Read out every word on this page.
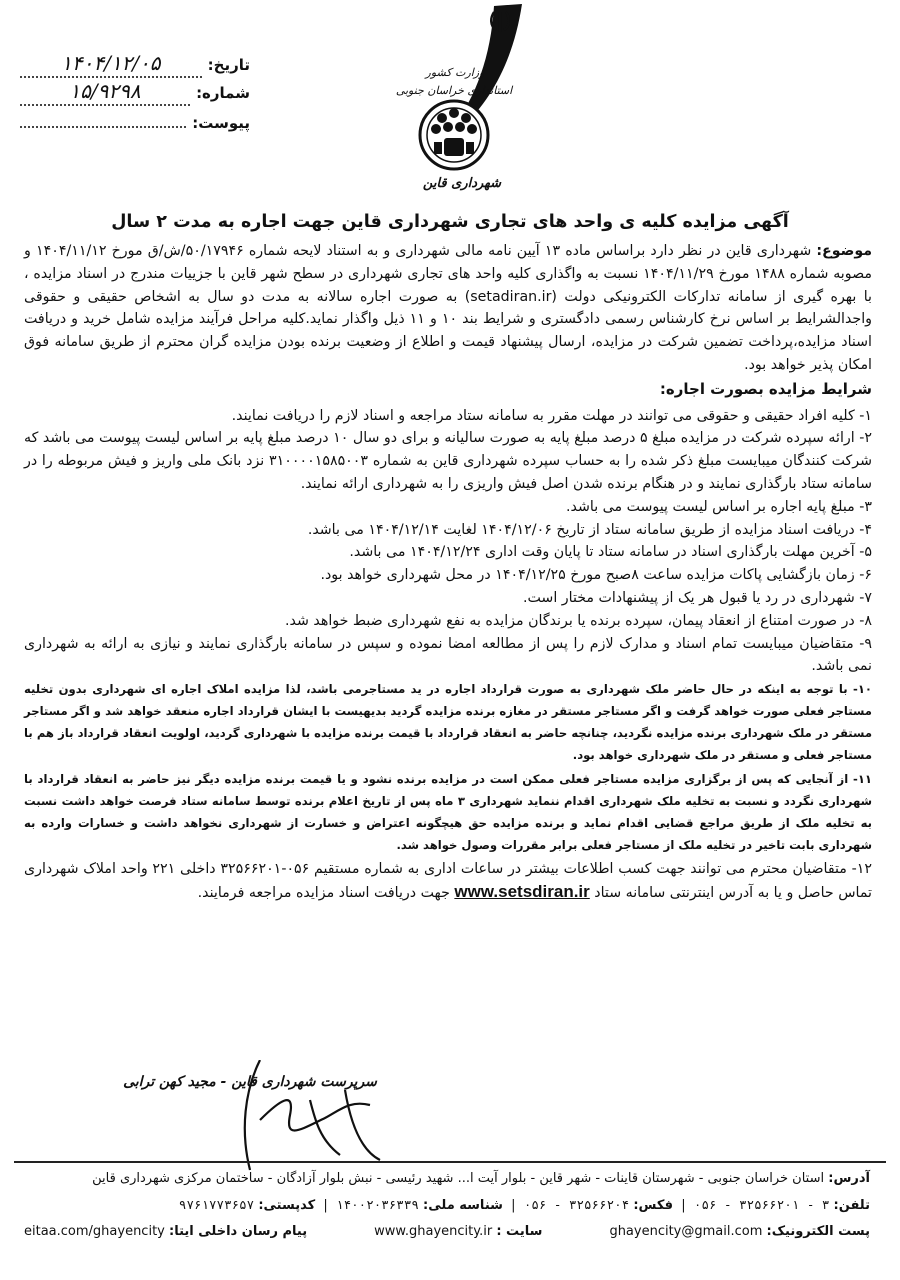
تاریخ:
۱۴۰۴/۱۲/۰۵
شماره:
۱۵/۹۲۹۸
پیوست:
وزارت کشور
استانداری خراسان جنوبی
شهرداری قاین
آگهی مزایده کلیه ی واحد های تجاری شهرداری قاین جهت اجاره به مدت ۲ سال

موضوع: شهرداری قاین در نظر دارد براساس ماده ۱۳ آیین نامه مالی شهرداری و به استناد لایحه شماره ۵۰/۱۷۹۴۶/ش/ق مورخ ۱۴۰۴/۱۱/۱۲ و مصوبه شماره ۱۴۸۸ مورخ ۱۴۰۴/۱۱/۲۹ نسبت به واگذاری کلیه واحد های تجاری شهرداری در سطح شهر قاین با جزییات مندرج در اسناد مزایده ، با بهره گیری از سامانه تدارکات الکترونیکی دولت (setadiran.ir) به صورت اجاره سالانه به مدت دو سال به اشخاص حقیقی و حقوقی واجدالشرایط بر اساس نرخ کارشناس رسمی دادگستری و شرایط بند ۱۰ و ۱۱ ذیل واگذار نماید.کلیه مراحل فرآیند مزایده شامل خرید و دریافت اسناد مزایده،پرداخت تضمین شرکت در مزایده، ارسال پیشنهاد قیمت و اطلاع از وضعیت برنده بودن مزایده گران محترم از طریق سامانه فوق امکان پذیر خواهد بود.

شرایط مزایده بصورت اجاره:

۱- کلیه افراد حقیقی و حقوقی می توانند در مهلت مقرر به سامانه ستاد مراجعه و اسناد لازم را دریافت نمایند.

۲- ارائه سپرده شرکت در مزایده مبلغ ۵ درصد مبلغ پایه به صورت سالیانه و برای دو سال ۱۰ درصد مبلغ پایه بر اساس لیست پیوست می باشد که شرکت کنندگان میبایست مبلغ ذکر شده را به حساب سپرده شهرداری قاین به شماره ۳۱۰۰۰۰۱۵۸۵۰۰۳ نزد بانک ملی واریز و فیش مربوطه را در سامانه ستاد بارگذاری نمایند و در هنگام برنده شدن اصل فیش واریزی را به شهرداری ارائه نمایند.

۳- مبلغ پایه اجاره بر اساس لیست پیوست می باشد.

۴- دریافت اسناد مزایده از طریق سامانه ستاد از تاریخ ۱۴۰۴/۱۲/۰۶ لغایت ۱۴۰۴/۱۲/۱۴ می باشد.

۵- آخرین مهلت بارگذاری اسناد در سامانه ستاد تا پایان وقت اداری ۱۴۰۴/۱۲/۲۴ می باشد.

۶- زمان بازگشایی پاکات مزایده ساعت ۸صبح مورخ ۱۴۰۴/۱۲/۲۵ در محل شهرداری خواهد بود.

۷- شهرداری در رد یا قبول هر یک از پیشنهادات مختار است.

۸- در صورت امتناع از انعقاد پیمان، سپرده برنده یا برندگان مزایده به نفع شهرداری ضبط خواهد شد.

۹- متقاضیان میبایست تمام اسناد و مدارک لازم را پس از مطالعه امضا نموده و سپس در سامانه بارگذاری نمایند و نیازی به ارائه به شهرداری نمی باشد.

۱۰- با توجه به اینکه در حال حاضر ملک شهرداری به صورت قرارداد اجاره در ید مستاجرمی باشد، لذا مزایده املاک اجاره ای شهرداری بدون تخلیه مستاجر فعلی صورت خواهد گرفت و اگر مستاجر مستقر در مغازه برنده مزایده گردید بدیهیست با ایشان قرارداد اجاره منعقد خواهد شد و اگر مستاجر مستقر در ملک شهرداری برنده مزایده نگردید، چنانچه حاضر به انعقاد قرارداد با قیمت برنده مزایده با شهرداری گردید، اولویت انعقاد قرارداد باز هم با مستاجر فعلی و مستقر در ملک شهرداری خواهد بود.

۱۱- از آنجایی که پس از برگزاری مزایده مستاجر فعلی ممکن است در مزایده برنده نشود و یا قیمت برنده مزایده دیگر نیز حاضر به انعقاد قرارداد با شهرداری نگردد و نسبت به تخلیه ملک شهرداری اقدام ننماید شهرداری ۳ ماه پس از تاریخ اعلام برنده توسط سامانه ستاد فرصت خواهد داشت نسبت به تخلیه ملک از طریق مراجع قضایی اقدام نماید و برنده مزایده حق هیچگونه اعتراض و خسارت از شهرداری نخواهد داشت و خسارات وارده به شهرداری بابت تاخیر در تخلیه ملک از مستاجر فعلی برابر مقررات وصول خواهد شد.

۱۲- متقاضیان محترم می توانند جهت کسب اطلاعات بیشتر در ساعات اداری به شماره مستقیم ۰۵۶-۳۲۵۶۶۲۰۱ داخلی ۲۲۱ واحد املاک شهرداری تماس حاصل و یا به آدرس اینترنتی سامانه ستاد www.setsdiran.ir جهت دریافت اسناد مزایده مراجعه فرمایند.

سرپرست شهرداری قاین - مجید کهن ترابی
آدرس: استان خراسان جنوبی - شهرستان قاینات - شهر قاین - بلوار آیت ا... شهید رئیسی - نبش بلوار آزادگان - ساختمان مرکزی شهرداری قاین
تلفن: ۳ - ۳۲۵۶۶۲۰۱ - ۰۵۶  |  فکس: ۳۲۵۶۶۲۰۴ - ۰۵۶  |  شناسه ملی: ۱۴۰۰۲۰۳۶۳۳۹  |  کدپستی: ۹۷۶۱۷۷۳۶۵۷
پست الکترونیک: ghayencity@gmail.com
سایت : www.ghayencity.ir
پیام رسان داخلی ایتا: eitaa.com/ghayencity
